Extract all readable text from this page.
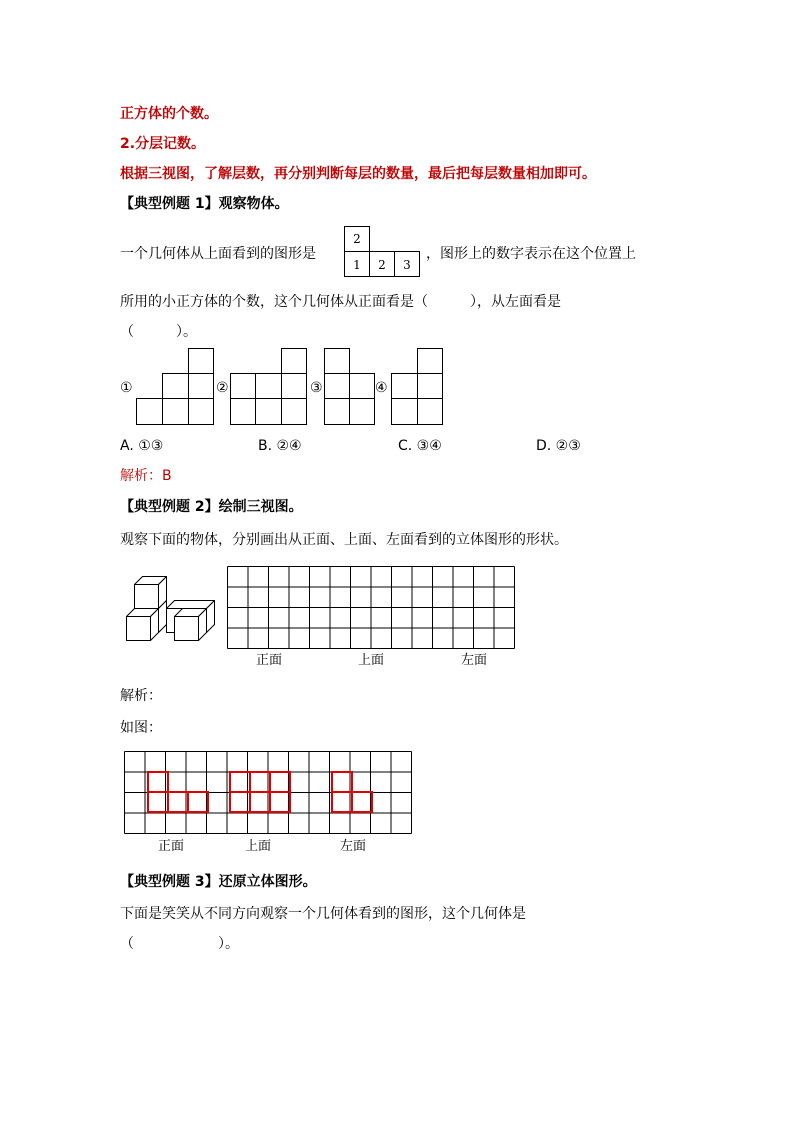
正方体的个数。
2.分层记数。
根据三视图，了解层数，再分别判断每层的数量，最后把每层数量相加即可。
【典型例题 1】观察物体。
一个几何体从上面看到的图形是
2
1 2 3
，图形上的数字表示在这个位置上
所用的小正方体的个数，这个几何体从正面看是（　　　），从左面看是
（　　　）。
①	②	③	④
A. ①③	B. ②④	C. ③④	D. ②③
解析：B
【典型例题 2】绘制三视图。
观察下面的物体，分别画出从正面、上面、左面看到的立体图形的形状。
正面	上面	左面
解析：
如图：
正面	上面	左面
【典型例题 3】还原立体图形。
下面是笑笑从不同方向观察一个几何体看到的图形，这个几何体是
（　　　　　　）。
